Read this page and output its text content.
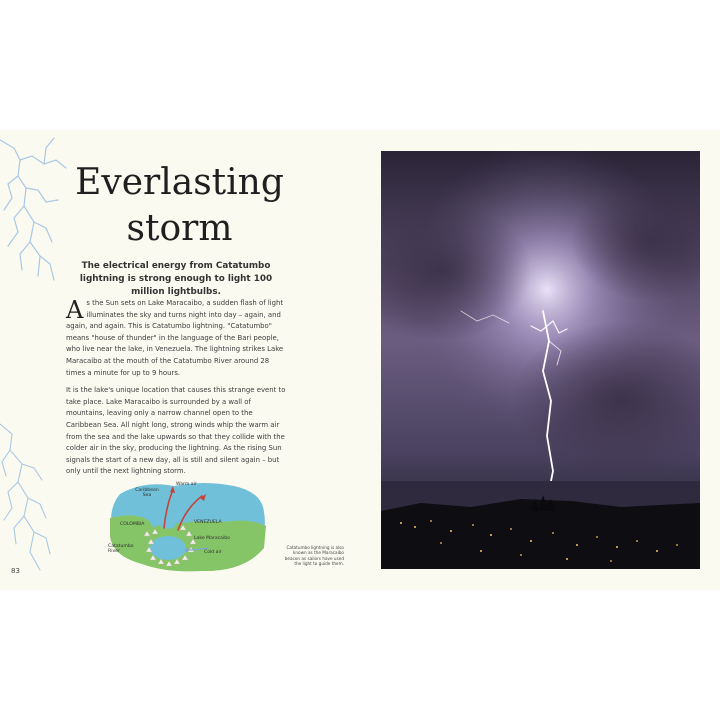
Everlasting
storm

The electrical energy from Catatumbo lightning is strong enough to light 100 million lightbulbs.

As the Sun sets on Lake Maracaibo, a sudden flash of light illuminates the sky and turns night into day – again, and again, and again. This is Catatumbo lightning. "Catatumbo" means "house of thunder" in the language of the Bari people, who live near the lake, in Venezuela. The lightning strikes Lake Maracaibo at the mouth of the Catatumbo River around 28 times a minute for up to 9 hours.

It is the lake's unique location that causes this strange event to take place. Lake Maracaibo is surrounded by a wall of mountains, leaving only a narrow channel open to the Caribbean Sea. All night long, strong winds whip the warm air from the sea and the lake upwards so that they collide with the colder air in the sky, producing the lightning. As the rising Sun signals the start of a new day, all is still and silent again – but only until the next lightning storm.

Caribbean Sea
Warm air
COLOMBIA	VENEZUELA
Lake Maracaibo
Catatumbo River	Cold air
Catatumbo lightning is also known as the Maracaibo beacon as sailors have used the light to guide them.
83
